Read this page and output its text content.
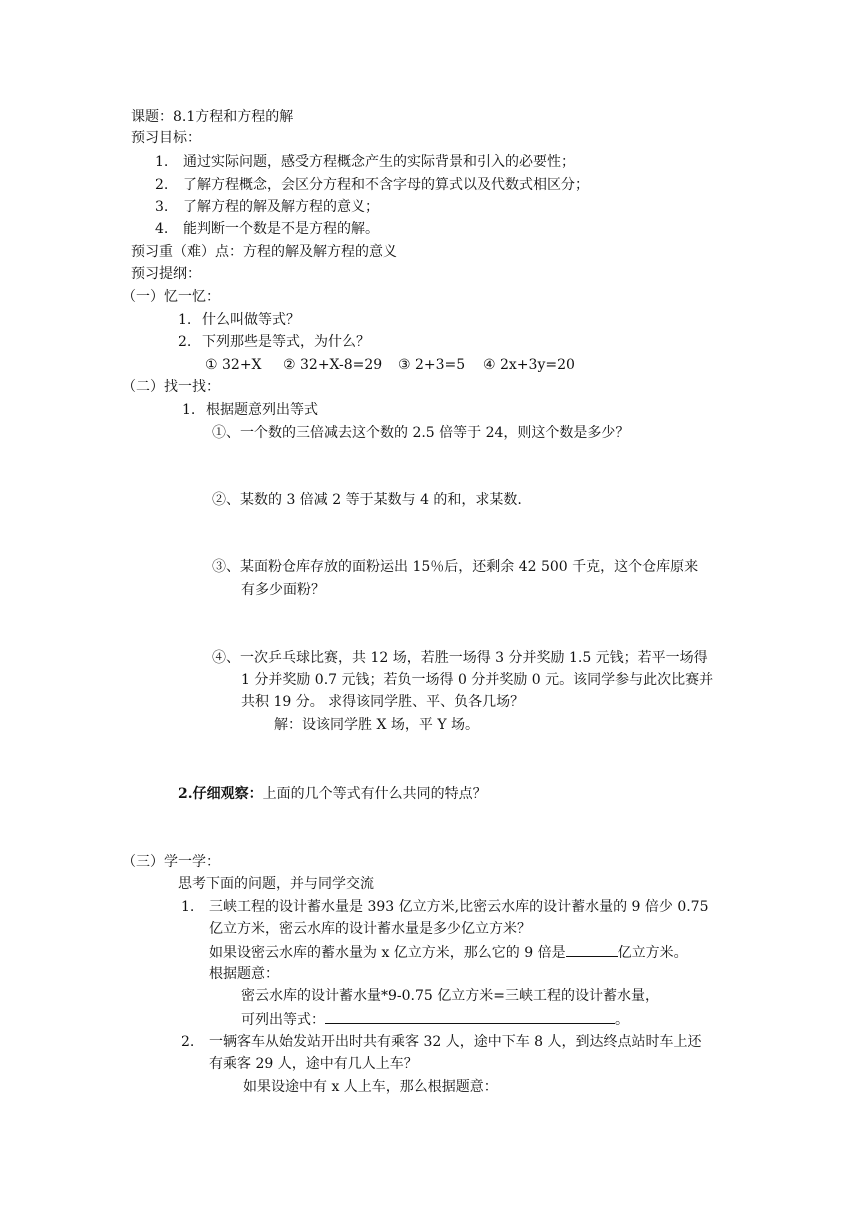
课题：8.1方程和方程的解
预习目标：
1. 通过实际问题，感受方程概念产生的实际背景和引入的必要性；
2. 了解方程概念，会区分方程和不含字母的算式以及代数式相区分；
3. 了解方程的解及解方程的意义；
4. 能判断一个数是不是方程的解。
预习重（难）点：方程的解及解方程的意义
预习提纲：
（一）忆一忆：
1. 什么叫做等式？
2. 下列那些是等式，为什么？
① 32+X ② 32+X-8=29 ③ 2+3=5 ④ 2x+3y=20
（二）找一找：
1. 根据题意列出等式
①、一个数的三倍减去这个数的 2.5 倍等于 24，则这个数是多少？
②、某数的 3 倍减 2 等于某数与 4 的和，求某数.
③、某面粉仓库存放的面粉运出 15％后，还剩余 42 500 千克，这个仓库原来
有多少面粉？
④、一次乒乓球比赛，共 12 场，若胜一场得 3 分并奖励 1.5 元钱；若平一场得
1 分并奖励 0.7 元钱；若负一场得 0 分并奖励 0 元。该同学参与此次比赛并
共积 19 分。 求得该同学胜、平、负各几场？
解：设该同学胜 X 场，平 Y 场。
2.仔细观察：上面的几个等式有什么共同的特点？
（三）学一学：
思考下面的问题，并与同学交流
1. 三峡工程的设计蓄水量是 393 亿立方米,比密云水库的设计蓄水量的 9 倍少 0.75
亿立方米，密云水库的设计蓄水量是多少亿立方米？
如果设密云水库的蓄水量为 x 亿立方米，那么它的 9 倍是	亿立方米。
根据题意：
密云水库的设计蓄水量*9-0.75 亿立方米=三峡工程的设计蓄水量，
可列出等式：	。
2. 一辆客车从始发站开出时共有乘客 32 人，途中下车 8 人，到达终点站时车上还
有乘客 29 人，途中有几人上车？
如果设途中有 x 人上车，那么根据题意：
